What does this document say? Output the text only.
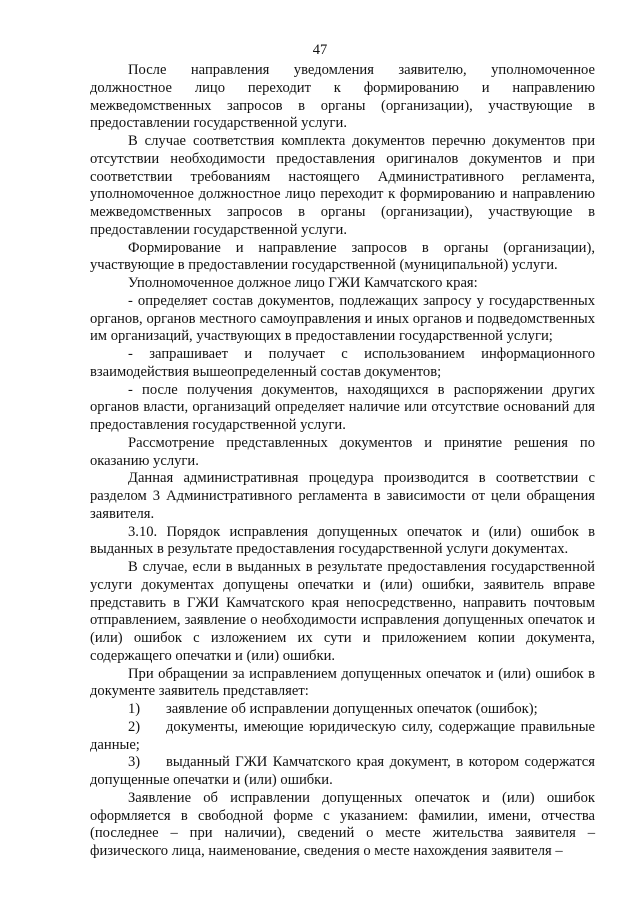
47

После направления уведомления заявителю, уполномоченное должностное лицо переходит к формированию и направлению межведомственных запросов в органы (организации), участвующие в предоставлении государственной услуги.

В случае соответствия комплекта документов перечню документов при отсутствии необходимости предоставления оригиналов документов и при соответствии требованиям настоящего Административного регламента, уполномоченное должностное лицо переходит к формированию и направлению межведомственных запросов в органы (организации), участвующие в предоставлении государственной услуги.

Формирование и направление запросов в органы (организации), участвующие в предоставлении государственной (муниципальной) услуги.

Уполномоченное должное лицо ГЖИ Камчатского края:

- определяет состав документов, подлежащих запросу у государственных органов, органов местного самоуправления и иных органов и подведомственных им организаций, участвующих в предоставлении государственной услуги;

- запрашивает и получает с использованием информационного взаимодействия вышеопределенный состав документов;

- после получения документов, находящихся в распоряжении других органов власти, организаций определяет наличие или отсутствие оснований для предоставления государственной услуги.

Рассмотрение представленных документов и принятие решения по оказанию услуги.

Данная административная процедура производится в соответствии с разделом 3 Административного регламента в зависимости от цели обращения заявителя.

3.10. Порядок исправления допущенных опечаток и (или) ошибок в выданных в результате предоставления государственной услуги документах.

В случае, если в выданных в результате предоставления государственной услуги документах допущены опечатки и (или) ошибки, заявитель вправе представить в ГЖИ Камчатского края непосредственно, направить почтовым отправлением, заявление о необходимости исправления допущенных опечаток и (или) ошибок с изложением их сути и приложением копии документа, содержащего опечатки и (или) ошибки.

При обращении за исправлением допущенных опечаток и (или) ошибок в документе заявитель представляет:

1) заявление об исправлении допущенных опечаток (ошибок);

2) документы, имеющие юридическую силу, содержащие правильные данные;

3) выданный ГЖИ Камчатского края документ, в котором содержатся допущенные опечатки и (или) ошибки.

Заявление об исправлении допущенных опечаток и (или) ошибок оформляется в свободной форме с указанием: фамилии, имени, отчества (последнее – при наличии), сведений о месте жительства заявителя – физического лица, наименование, сведения о месте нахождения заявителя –
